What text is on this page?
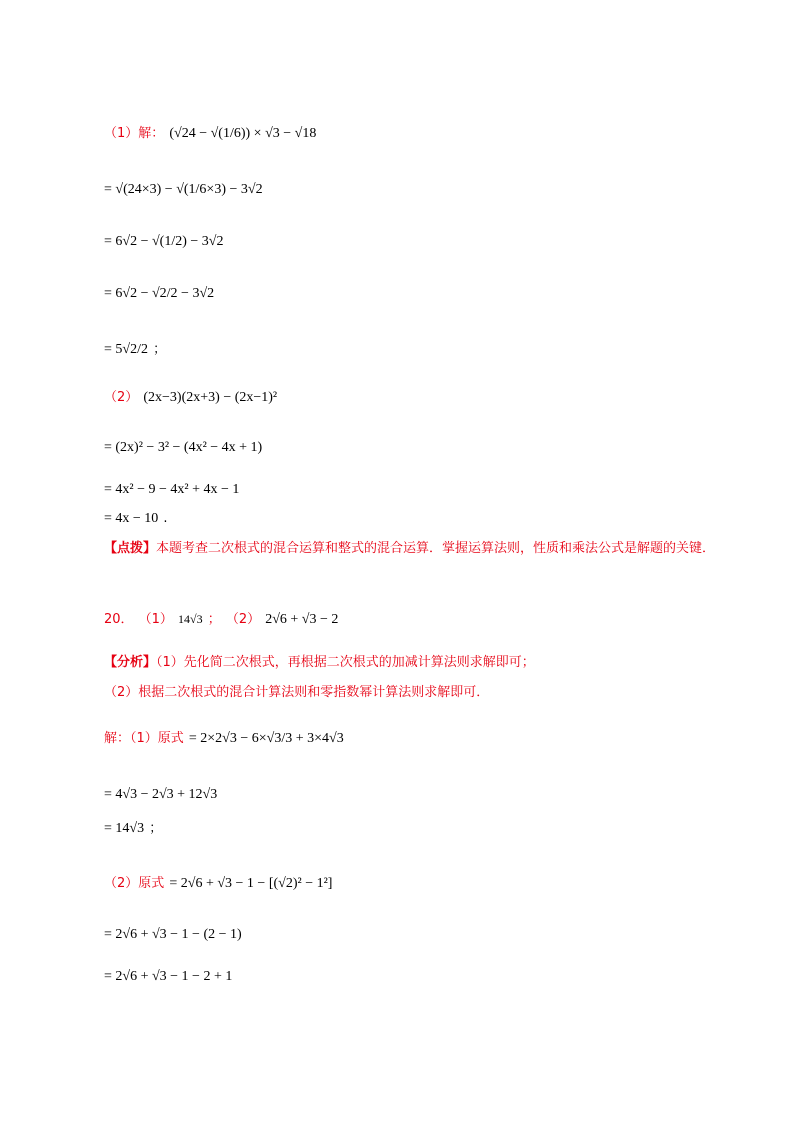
（1）解： (√24 − √(1/6)) × √3 − √18
= √(24×3) − √(1/6×3) − 3√2
= 6√2 − √(1/2) − 3√2
= 6√2 − √2/2 − 3√2
= 5√2/2 ；
（2） (2x−3)(2x+3) − (2x−1)²
= (2x)² − 3² − (4x² − 4x + 1)
= 4x² − 9 − 4x² + 4x − 1
= 4x − 10 .
【点拨】本题考查二次根式的混合运算和整式的混合运算．掌握运算法则，性质和乘法公式是解题的关键．
20． （1） 14√3 ； （2） 2√6 + √3 − 2
【分析】（1）先化简二次根式，再根据二次根式的加减计算法则求解即可；
（2）根据二次根式的混合计算法则和零指数幂计算法则求解即可．
解：（1）原式 = 2×2√3 − 6×√3/3 + 3×4√3
= 4√3 − 2√3 + 12√3
= 14√3 ；
（2）原式 = 2√6 + √3 − 1 − [(√2)² − 1²]
= 2√6 + √3 − 1 − (2 − 1)
= 2√6 + √3 − 1 − 2 + 1
